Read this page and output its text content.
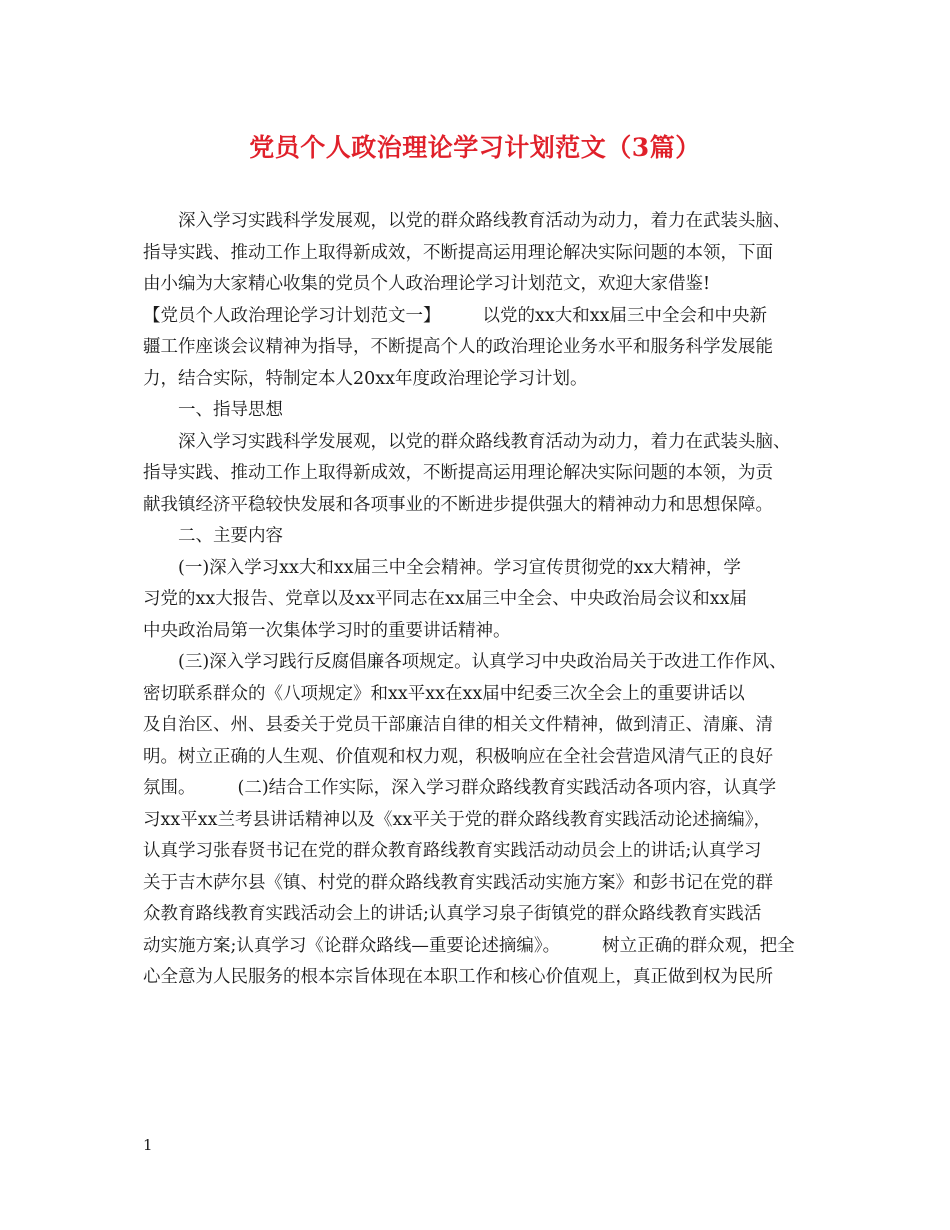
党员个人政治理论学习计划范文（3篇）
深入学习实践科学发展观，以党的群众路线教育活动为动力，着力在武装头脑、
指导实践、推动工作上取得新成效，不断提高运用理论解决实际问题的本领，下面
由小编为大家精心收集的党员个人政治理论学习计划范文，欢迎大家借鉴!
【党员个人政治理论学习计划范文一】 以党的xx大和xx届三中全会和中央新
疆工作座谈会议精神为指导，不断提高个人的政治理论业务水平和服务科学发展能
力，结合实际，特制定本人20xx年度政治理论学习计划。
一、指导思想
深入学习实践科学发展观，以党的群众路线教育活动为动力，着力在武装头脑、
指导实践、推动工作上取得新成效，不断提高运用理论解决实际问题的本领，为贡
献我镇经济平稳较快发展和各项事业的不断进步提供强大的精神动力和思想保障。
二、主要内容
(一)深入学习xx大和xx届三中全会精神。学习宣传贯彻党的xx大精神，学
习党的xx大报告、党章以及xx平同志在xx届三中全会、中央政治局会议和xx届
中央政治局第一次集体学习时的重要讲话精神。
(三)深入学习践行反腐倡廉各项规定。认真学习中央政治局关于改进工作作风、
密切联系群众的《八项规定》和xx平xx在xx届中纪委三次全会上的重要讲话以
及自治区、州、县委关于党员干部廉洁自律的相关文件精神，做到清正、清廉、清
明。树立正确的人生观、价值观和权力观，积极响应在全社会营造风清气正的良好
氛围。 (二)结合工作实际，深入学习群众路线教育实践活动各项内容，认真学
习xx平xx兰考县讲话精神以及《xx平关于党的群众路线教育实践活动论述摘编》，
认真学习张春贤书记在党的群众教育路线教育实践活动动员会上的讲话;认真学习
关于吉木萨尔县《镇、村党的群众路线教育实践活动实施方案》和彭书记在党的群
众教育路线教育实践活动会上的讲话;认真学习泉子街镇党的群众路线教育实践活
动实施方案;认真学习《论群众路线—重要论述摘编》。 树立正确的群众观，把全
心全意为人民服务的根本宗旨体现在本职工作和核心价值观上，真正做到权为民所
1
